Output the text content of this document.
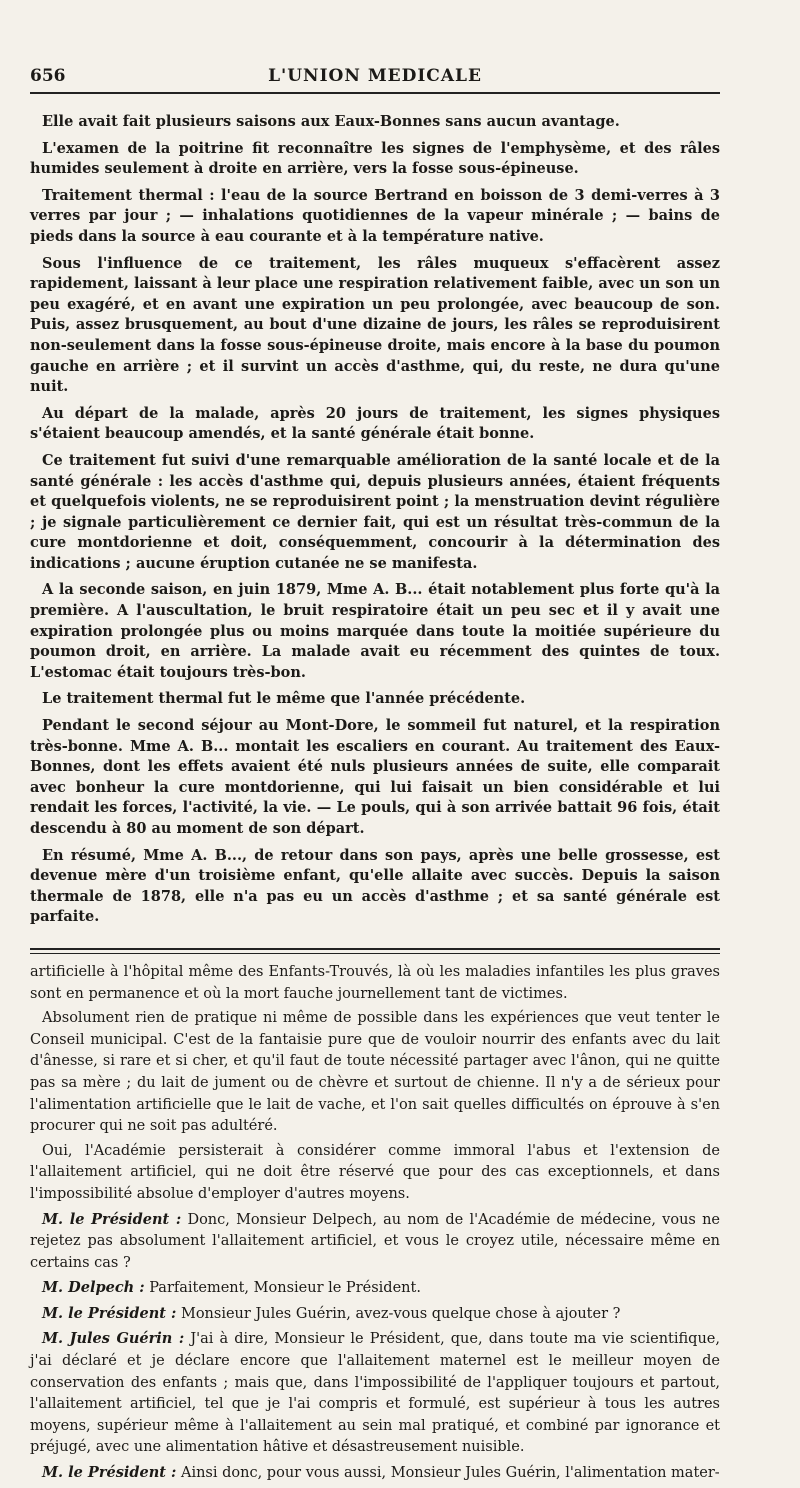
656	L'UNION MEDICALE

Elle avait fait plusieurs saisons aux Eaux-Bonnes sans aucun avantage.

L'examen de la poitrine fit reconnaître les signes de l'emphysème, et des râles humides seulement à droite en arrière, vers la fosse sous-épineuse.

Traitement thermal : l'eau de la source Bertrand en boisson de 3 demi-verres à 3 verres par jour ; — inhalations quotidiennes de la vapeur minérale ; — bains de pieds dans la source à eau courante et à la température native.

Sous l'influence de ce traitement, les râles muqueux s'effacèrent assez rapidement, laissant à leur place une respiration relativement faible, avec un son un peu exagéré, et en avant une expiration un peu prolongée, avec beaucoup de son. Puis, assez brusquement, au bout d'une dizaine de jours, les râles se reproduisirent non-seulement dans la fosse sous-épineuse droite, mais encore à la base du poumon gauche en arrière ; et il survint un accès d'asthme, qui, du reste, ne dura qu'une nuit.

Au départ de la malade, après 20 jours de traitement, les signes physiques s'étaient beaucoup amendés, et la santé générale était bonne.

Ce traitement fut suivi d'une remarquable amélioration de la santé locale et de la santé générale : les accès d'asthme qui, depuis plusieurs années, étaient fréquents et quelquefois violents, ne se reproduisirent point ; la menstruation devint régulière ; je signale particulièrement ce dernier fait, qui est un résultat très-commun de la cure montdorienne et doit, conséquemment, concourir à la détermination des indications ; aucune éruption cutanée ne se manifesta.

A la seconde saison, en juin 1879, Mme A. B... était notablement plus forte qu'à la première. A l'auscultation, le bruit respiratoire était un peu sec et il y avait une expiration prolongée plus ou moins marquée dans toute la moitiée supérieure du poumon droit, en arrière. La malade avait eu récemment des quintes de toux. L'estomac était toujours très-bon.

Le traitement thermal fut le même que l'année précédente.

Pendant le second séjour au Mont-Dore, le sommeil fut naturel, et la respiration très-bonne. Mme A. B... montait les escaliers en courant. Au traitement des Eaux-Bonnes, dont les effets avaient été nuls plusieurs années de suite, elle comparait avec bonheur la cure montdorienne, qui lui faisait un bien considérable et lui rendait les forces, l'activité, la vie. — Le pouls, qui à son arrivée battait 96 fois, était descendu à 80 au moment de son départ.

En résumé, Mme A. B..., de retour dans son pays, après une belle grossesse, est devenue mère d'un troisième enfant, qu'elle allaite avec succès. Depuis la saison thermale de 1878, elle n'a pas eu un accès d'asthme ; et sa santé générale est parfaite.

artificielle à l'hôpital même des Enfants-Trouvés, là où les maladies infantiles les plus graves sont en permanence et où la mort fauche journellement tant de victimes.

Absolument rien de pratique ni même de possible dans les expériences que veut tenter le Conseil municipal. C'est de la fantaisie pure que de vouloir nourrir des enfants avec du lait d'ânesse, si rare et si cher, et qu'il faut de toute nécessité partager avec l'ânon, qui ne quitte pas sa mère ; du lait de jument ou de chèvre et surtout de chienne. Il n'y a de sérieux pour l'alimentation artificielle que le lait de vache, et l'on sait quelles difficultés on éprouve à s'en procurer qui ne soit pas adultéré.

Oui, l'Académie persisterait à considérer comme immoral l'abus et l'extension de l'allaitement artificiel, qui ne doit être réservé que pour des cas exceptionnels, et dans l'impossibilité absolue d'employer d'autres moyens.

M. le Président : Donc, Monsieur Delpech, au nom de l'Académie de médecine, vous ne rejetez pas absolument l'allaitement artificiel, et vous le croyez utile, nécessaire même en certains cas ?

M. Delpech : Parfaitement, Monsieur le Président.

M. le Président : Monsieur Jules Guérin, avez-vous quelque chose à ajouter ?

M. Jules Guérin : J'ai à dire, Monsieur le Président, que, dans toute ma vie scientifique, j'ai déclaré et je déclare encore que l'allaitement maternel est le meilleur moyen de conservation des enfants ; mais que, dans l'impossibilité de l'appliquer toujours et partout, l'allaitement artificiel, tel que je l'ai compris et formulé, est supérieur à tous les autres moyens, supérieur même à l'allaitement au sein mal pratiqué, et combiné par ignorance et préjugé, avec une alimentation hâtive et désastreusement nuisible.

M. le Président : Ainsi donc, pour vous aussi, Monsieur Jules Guérin, l'alimentation mater-
